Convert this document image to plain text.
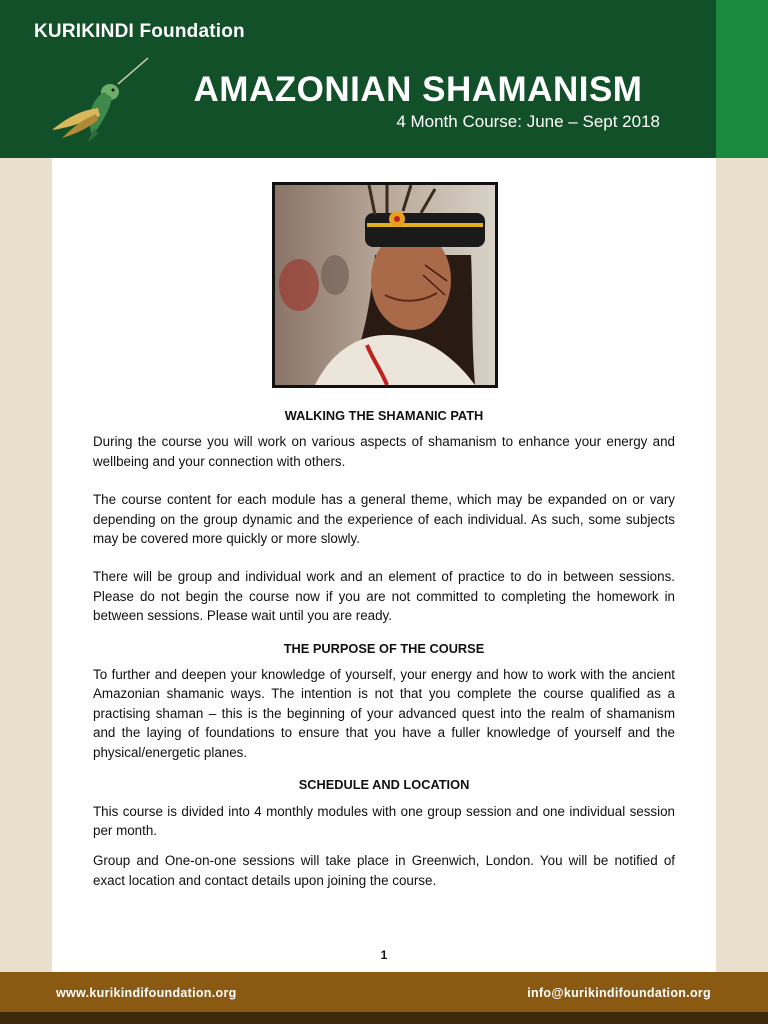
KURIKINDI Foundation
AMAZONIAN SHAMANISM
4 Month Course: June – Sept 2018
WALKING THE SHAMANIC PATH

During the course you will work on various aspects of shamanism to enhance your energy and wellbeing and your connection with others.

The course content for each module has a general theme, which may be expanded on or vary depending on the group dynamic and the experience of each individual. As such, some subjects may be covered more quickly or more slowly.

There will be group and individual work and an element of practice to do in between sessions. Please do not begin the course now if you are not committed to completing the homework in between sessions. Please wait until you are ready.

THE PURPOSE OF THE COURSE

To further and deepen your knowledge of yourself, your energy and how to work with the ancient Amazonian shamanic ways. The intention is not that you complete the course qualified as a practising shaman – this is the beginning of your advanced quest into the realm of shamanism and the laying of foundations to ensure that you have a fuller knowledge of yourself and the physical/energetic planes.

SCHEDULE AND LOCATION

This course is divided into 4 monthly modules with one group session and one individual session per month.

Group and One-on-one sessions will take place in Greenwich, London. You will be notified of exact location and contact details upon joining the course.

1
www.kurikindifoundation.org	info@kurikindifoundation.org
